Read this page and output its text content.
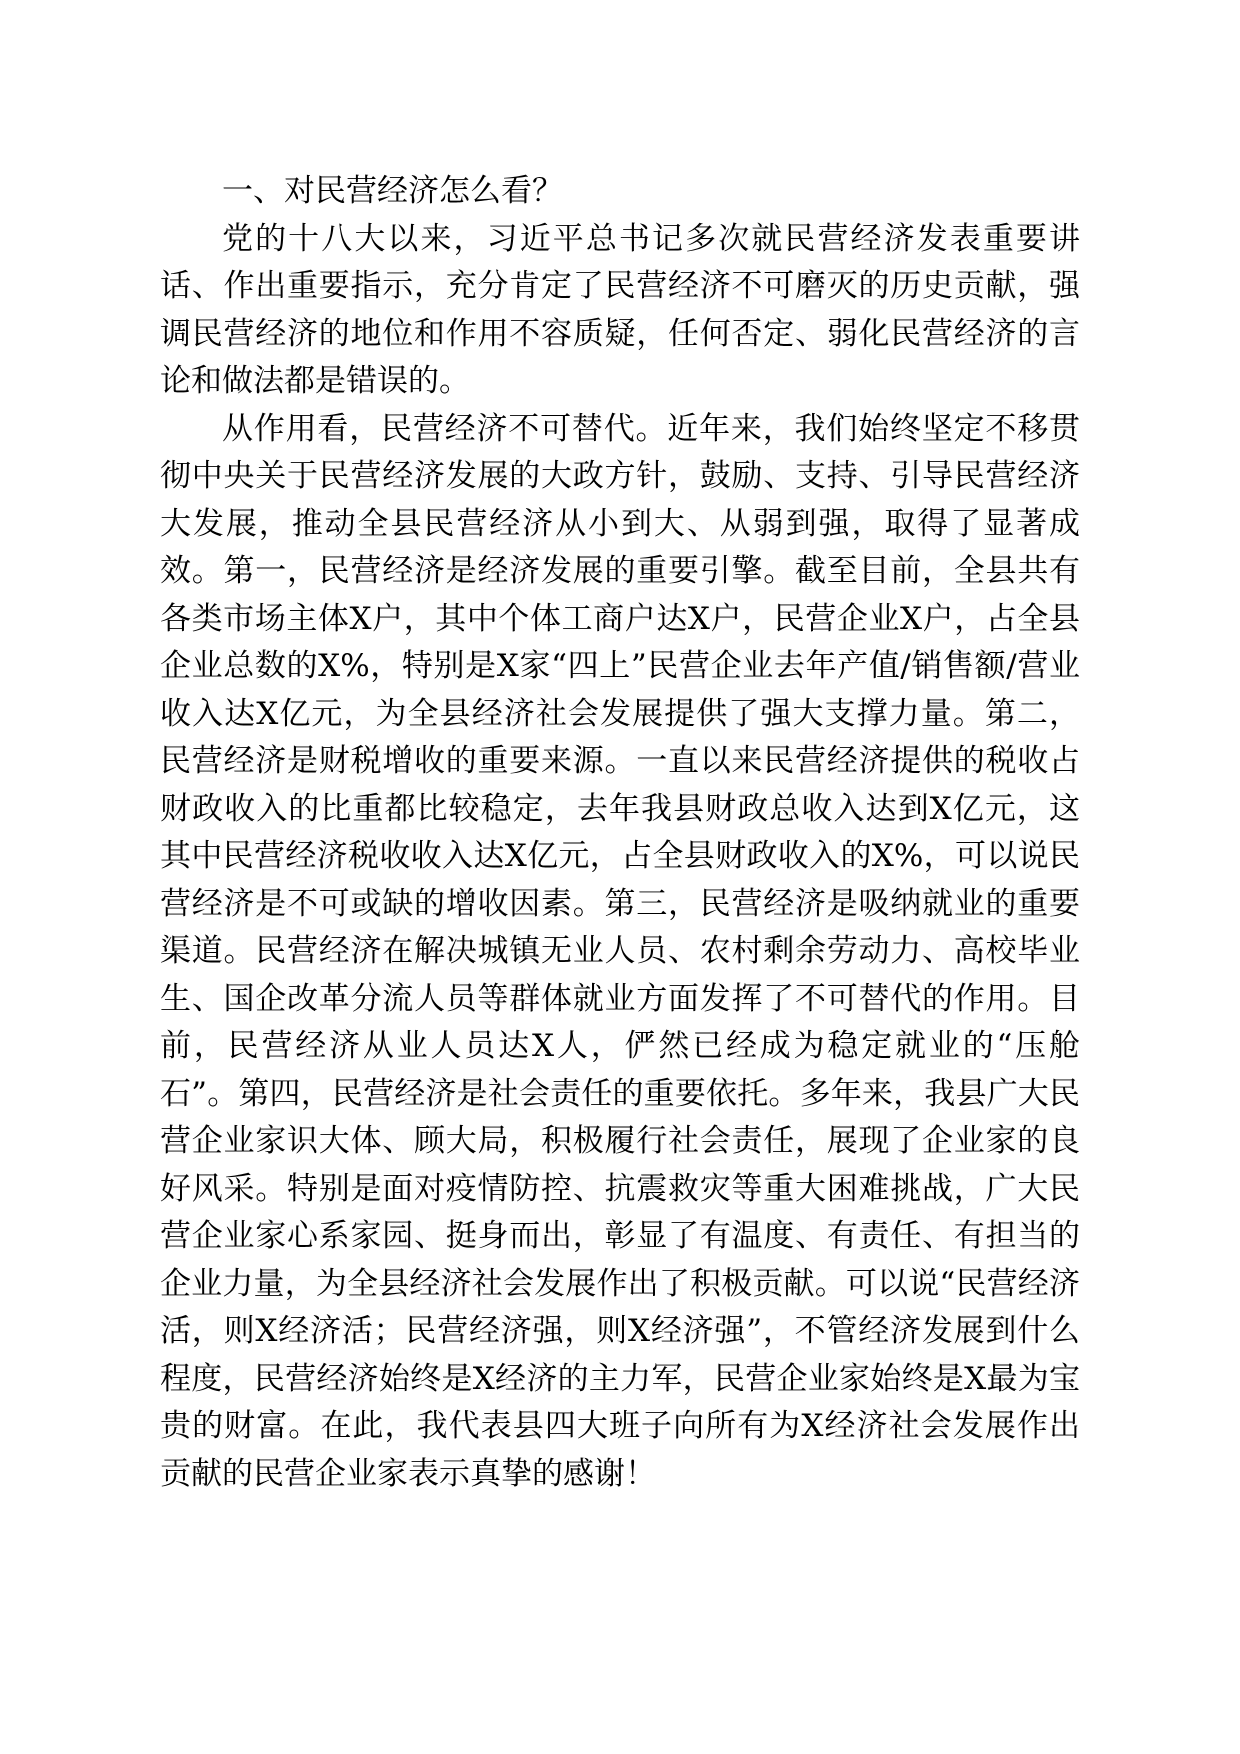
一、对民营经济怎么看？

党的十八大以来，习近平总书记多次就民营经济发表重要讲话、作出重要指示，充分肯定了民营经济不可磨灭的历史贡献，强调民营经济的地位和作用不容质疑，任何否定、弱化民营经济的言论和做法都是错误的。

从作用看，民营经济不可替代。近年来，我们始终坚定不移贯彻中央关于民营经济发展的大政方针，鼓励、支持、引导民营经济大发展，推动全县民营经济从小到大、从弱到强，取得了显著成效。第一，民营经济是经济发展的重要引擎。截至目前，全县共有各类市场主体X户，其中个体工商户达X户，民营企业X户，占全县企业总数的X%，特别是X家“四上”民营企业去年产值/销售额/营业收入达X亿元，为全县经济社会发展提供了强大支撑力量。第二，民营经济是财税增收的重要来源。一直以来民营经济提供的税收占财政收入的比重都比较稳定，去年我县财政总收入达到X亿元，这其中民营经济税收收入达X亿元，占全县财政收入的X%，可以说民营经济是不可或缺的增收因素。第三，民营经济是吸纳就业的重要渠道。民营经济在解决城镇无业人员、农村剩余劳动力、高校毕业生、国企改革分流人员等群体就业方面发挥了不可替代的作用。目前，民营经济从业人员达X人，俨然已经成为稳定就业的“压舱石”。第四，民营经济是社会责任的重要依托。多年来，我县广大民营企业家识大体、顾大局，积极履行社会责任，展现了企业家的良好风采。特别是面对疫情防控、抗震救灾等重大困难挑战，广大民营企业家心系家园、挺身而出，彰显了有温度、有责任、有担当的企业力量，为全县经济社会发展作出了积极贡献。可以说“民营经济活，则X经济活；民营经济强，则X经济强”，不管经济发展到什么程度，民营经济始终是X经济的主力军，民营企业家始终是X最为宝贵的财富。在此，我代表县四大班子向所有为X经济社会发展作出贡献的民营企业家表示真挚的感谢！
